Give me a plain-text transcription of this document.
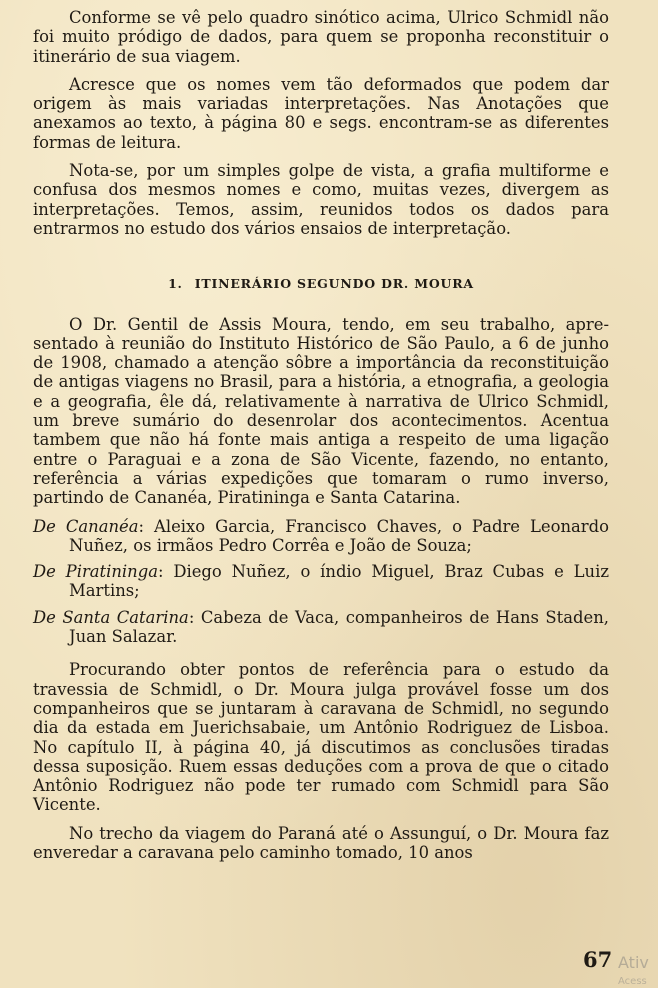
Conforme se vê pelo quadro sinótico acima, Ulrico Schmidl não foi muito pródigo de dados, para quem se proponha reconstituir o itinerário de sua viagem.

Acresce que os nomes vem tão deformados que podem dar origem às mais variadas interpretações. Nas Anotações que anexamos ao texto, à página 80 e segs. encontram-se as diferentes formas de leitura.

Nota-se, por um simples golpe de vista, a grafia multiforme e confusa dos mesmos nomes e como, muitas vezes, divergem as interpretações. Temos, assim, reunidos todos os dados para entrarmos no estudo dos vários ensaios de interpretação.

1. ITINERÁRIO SEGUNDO DR. MOURA

O Dr. Gentil de Assis Moura, tendo, em seu trabalho, apresentado à reunião do Instituto Histórico de São Paulo, a 6 de junho de 1908, chamado a atenção sôbre a importância da reconstituição de antigas viagens no Brasil, para a história, a etnografia, a geologia e a geografia, êle dá, relativamente à narrativa de Ulrico Schmidl, um breve sumário do desenrolar dos acontecimentos. Acentua tambem que não há fonte mais antiga a respeito de uma ligação entre o Paraguai e a zona de São Vicente, fazendo, no entanto, referência a várias expedições que tomaram o rumo inverso, partindo de Cananéa, Piratininga e Santa Catarina.

De Cananéa: Aleixo Garcia, Francisco Chaves, o Padre Leonardo Nuñez, os irmãos Pedro Corrêa e João de Souza;

De Piratininga: Diego Nuñez, o índio Miguel, Braz Cubas e Luiz Martins;

De Santa Catarina: Cabeza de Vaca, companheiros de Hans Staden, Juan Salazar.

Procurando obter pontos de referência para o estudo da travessia de Schmidl, o Dr. Moura julga provável fosse um dos companheiros que se juntaram à caravana de Schmidl, no segundo dia da estada em Juerichsabaie, um Antônio Rodriguez de Lisboa. No capítulo II, à página 40, já discutimos as conclusões tiradas dessa suposição. Ruem essas deduções com a prova de que o citado Antônio Rodriguez não pode ter rumado com Schmidl para São Vicente.

No trecho da viagem do Paraná até o Assunguí, o Dr. Moura faz enveredar a caravana pelo caminho tomado, 10 anos

67 Ativ
Acess
